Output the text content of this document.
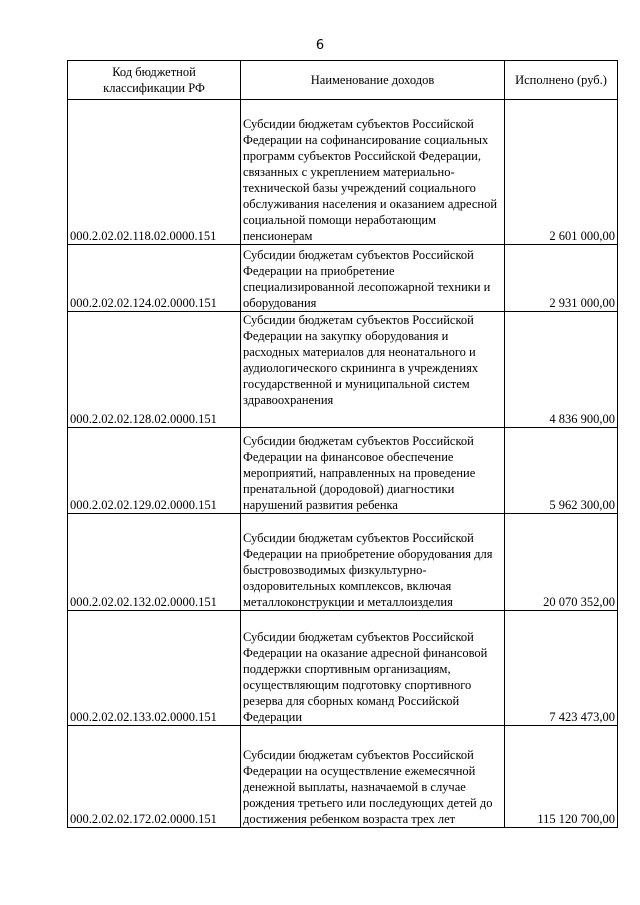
6
Код бюджетной классификации РФ	Наименование доходов	Исполнено (руб.)
000.2.02.02.118.02.0000.151	Субсидии бюджетам субъектов Российской Федерации на софинансирование социальных программ субъектов Российской Федерации, связанных с укреплением материально-технической базы учреждений социального обслуживания населения и оказанием адресной социальной помощи неработающим пенсионерам	2 601 000,00
000.2.02.02.124.02.0000.151	Субсидии бюджетам субъектов Российской Федерации на приобретение специализированной лесопожарной техники и оборудования	2 931 000,00
000.2.02.02.128.02.0000.151	Субсидии бюджетам субъектов Российской Федерации на закупку оборудования и расходных материалов для неонатального и аудиологического скрининга в учреждениях государственной и муниципальной систем здравоохранения	4 836 900,00
000.2.02.02.129.02.0000.151	Субсидии бюджетам субъектов Российской Федерации на финансовое обеспечение мероприятий, направленных на проведение пренатальной (дородовой) диагностики нарушений развития ребенка	5 962 300,00
000.2.02.02.132.02.0000.151	Субсидии бюджетам субъектов Российской Федерации на приобретение оборудования для быстровозводимых физкультурно-оздоровительных комплексов, включая металлоконструкции и металлоизделия	20 070 352,00
000.2.02.02.133.02.0000.151	Субсидии бюджетам субъектов Российской Федерации на оказание адресной финансовой поддержки спортивным организациям, осуществляющим подготовку спортивного резерва для сборных команд Российской Федерации	7 423 473,00
000.2.02.02.172.02.0000.151	Субсидии бюджетам субъектов Российской Федерации на осуществление ежемесячной денежной выплаты, назначаемой в случае рождения третьего или последующих детей до достижения ребенком возраста трех лет	115 120 700,00
